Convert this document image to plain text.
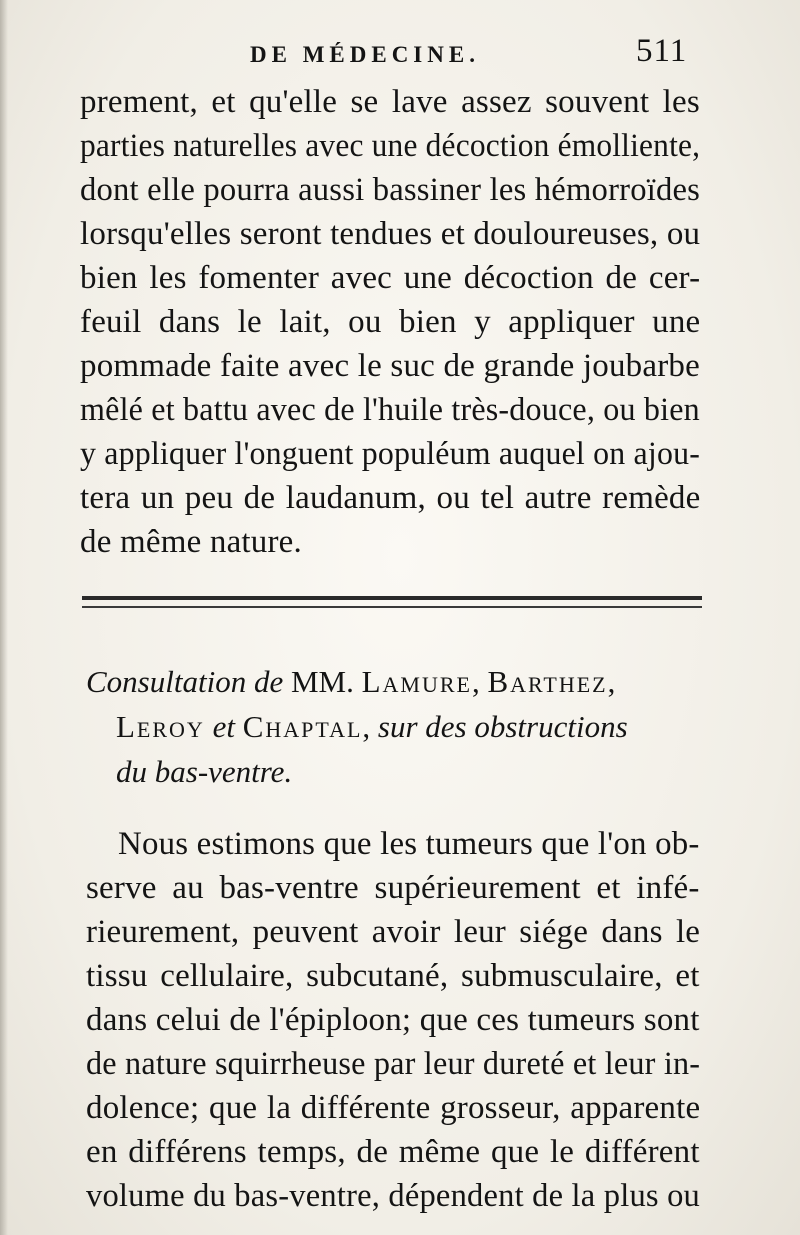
DE MÉDECINE.	511
prement, et qu'elle se lave assez souvent les
parties naturelles avec une décoction émolliente,
dont elle pourra aussi bassiner les hémorroïdes
lorsqu'elles seront tendues et douloureuses, ou
bien les fomenter avec une décoction de cer-
feuil dans le lait, ou bien y appliquer une
pommade faite avec le suc de grande joubarbe
mêlé et battu avec de l'huile très-douce, ou bien
y appliquer l'onguent populéum auquel on ajou-
tera un peu de laudanum, ou tel autre remède
de même nature.
Consultation de MM. Lamure, Barthez,
Leroy et Chaptal, sur des obstructions
du bas-ventre.
Nous estimons que les tumeurs que l'on ob-
serve au bas-ventre supérieurement et infé-
rieurement, peuvent avoir leur siége dans le
tissu cellulaire, subcutané, submusculaire, et
dans celui de l'épiploon; que ces tumeurs sont
de nature squirrheuse par leur dureté et leur in-
dolence; que la différente grosseur, apparente
en différens temps, de même que le différent
volume du bas-ventre, dépendent de la plus ou
